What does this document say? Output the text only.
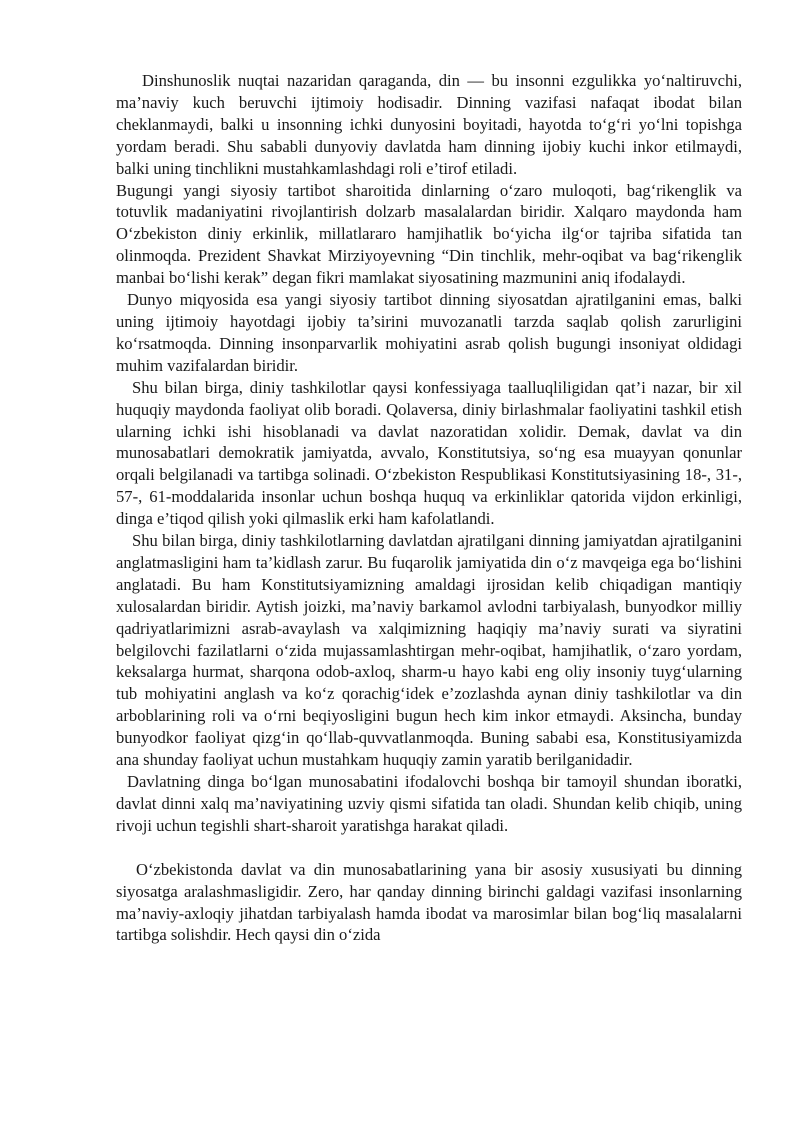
Dinshunoslik nuqtai nazaridan qaraganda, din — bu insonni ezgulikka yo‘naltiruvchi, ma’naviy kuch beruvchi ijtimoiy hodisadir. Dinning vazifasi nafaqat ibodat bilan cheklanmaydi, balki u insonning ichki dunyosini boyitadi, hayotda to‘g‘ri yo‘lni topishga yordam beradi. Shu sababli dunyoviy davlatda ham dinning ijobiy kuchi inkor etilmaydi, balki uning tinchlikni mustahkamlashdagi roli e’tirof etiladi.

Bugungi yangi siyosiy tartibot sharoitida dinlarning o‘zaro muloqoti, bag‘rikenglik va totuvlik madaniyatini rivojlantirish dolzarb masalalardan biridir. Xalqaro maydonda ham O‘zbekiston diniy erkinlik, millatlararo hamjihatlik bo‘yicha ilg‘or tajriba sifatida tan olinmoqda. Prezident Shavkat Mirziyoyevning “Din tinchlik, mehr-oqibat va bag‘rikenglik manbai bo‘lishi kerak” degan fikri mamlakat siyosatining mazmunini aniq ifodalaydi.

Dunyo miqyosida esa yangi siyosiy tartibot dinning siyosatdan ajratilganini emas, balki uning ijtimoiy hayotdagi ijobiy ta’sirini muvozanatli tarzda saqlab qolish zarurligini ko‘rsatmoqda. Dinning insonparvarlik mohiyatini asrab qolish bugungi insoniyat oldidagi muhim vazifalardan biridir.

Shu bilan birga, diniy tashkilotlar qaysi konfessiyaga taalluqliligidan qat’i nazar, bir xil huquqiy maydonda faoliyat olib boradi. Qolaversa, diniy birlashmalar faoliyatini tashkil etish ularning ichki ishi hisoblanadi va davlat nazoratidan xolidir. Demak, davlat va din munosabatlari demokratik jamiyatda, avvalo, Konstitutsiya, so‘ng esa muayyan qonunlar orqali belgilanadi va tartibga solinadi. O‘zbekiston Respublikasi Konstitutsiyasining 18-, 31-, 57-, 61-moddalarida insonlar uchun boshqa huquq va erkinliklar qatorida vijdon erkinligi, dinga e’tiqod qilish yoki qilmaslik erki ham kafolatlandi.

Shu bilan birga, diniy tashkilotlarning davlatdan ajratilgani dinning jamiyatdan ajratilganini anglatmasligini ham ta’kidlash zarur. Bu fuqarolik jamiyatida din o‘z mavqeiga ega bo‘lishini anglatadi. Bu ham Konstitutsiyamizning amaldagi ijrosidan kelib chiqadigan mantiqiy xulosalardan biridir. Aytish joizki, ma’naviy barkamol avlodni tarbiyalash, bunyodkor milliy qadriyatlarimizni asrab-avaylash va xalqimizning haqiqiy ma’naviy surati va siyratini belgilovchi fazilatlarni o‘zida mujassamlashtirgan mehr-oqibat, hamjihatlik, o‘zaro yordam, keksalarga hurmat, sharqona odob-axloq, sharm-u hayo kabi eng oliy insoniy tuyg‘ularning tub mohiyatini anglash va ko‘z qorachig‘idek e’zozlashda aynan diniy tashkilotlar va din arboblarining roli va o‘rni beqiyosligini bugun hech kim inkor etmaydi. Aksincha, bunday bunyodkor faoliyat qizg‘in qo‘llab-quvvatlanmoqda. Buning sababi esa, Konstitusiyamizda ana shunday faoliyat uchun mustahkam huquqiy zamin yaratib berilganidadir.

Davlatning dinga bo‘lgan munosabatini ifodalovchi boshqa bir tamoyil shundan iboratki, davlat dinni xalq ma’naviyatining uzviy qismi sifatida tan oladi. Shundan kelib chiqib, uning rivoji uchun tegishli shart-sharoit yaratishga harakat qiladi.

O‘zbekistonda davlat va din munosabatlarining yana bir asosiy xususiyati bu dinning siyosatga aralashmasligidir. Zero, har qanday dinning birinchi galdagi vazifasi insonlarning ma’naviy-axloqiy jihatdan tarbiyalash hamda ibodat va marosimlar bilan bog‘liq masalalarni tartibga solishdir. Hech qaysi din o‘zida
